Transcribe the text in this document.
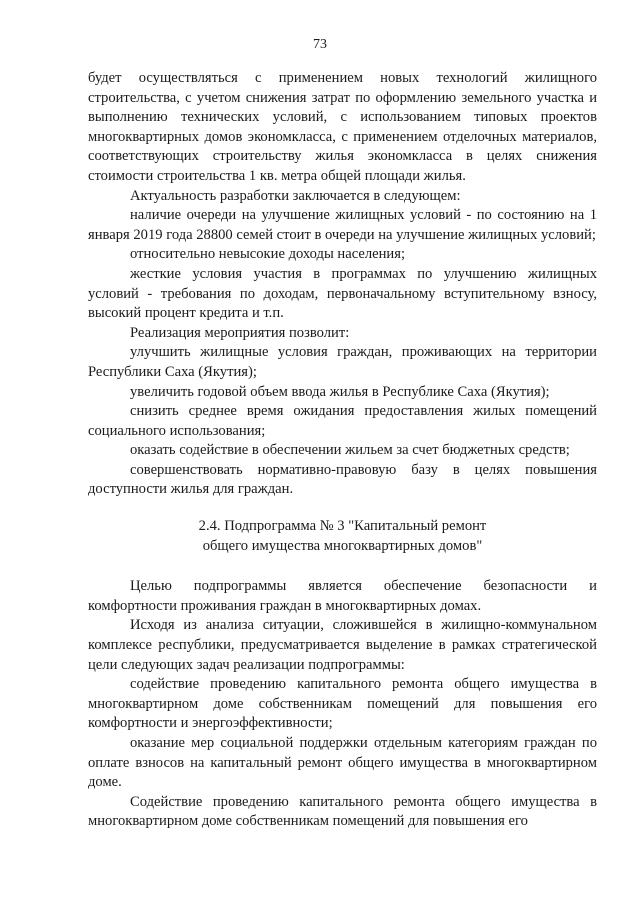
73

будет осуществляться с применением новых технологий жилищного строительства, с учетом снижения затрат по оформлению земельного участка и выполнению технических условий, с использованием типовых проектов многоквартирных домов экономкласса, с применением отделочных материалов, соответствующих строительству жилья экономкласса в целях снижения стоимости строительства 1 кв. метра общей площади жилья.

Актуальность разработки заключается в следующем:

наличие очереди на улучшение жилищных условий - по состоянию на 1 января 2019 года 28800 семей стоит в очереди на улучшение жилищных условий;

относительно невысокие доходы населения;

жесткие условия участия в программах по улучшению жилищных условий - требования по доходам, первоначальному вступительному взносу, высокий процент кредита и т.п.

Реализация мероприятия позволит:

улучшить жилищные условия граждан, проживающих на территории Республики Саха (Якутия);

увеличить годовой объем ввода жилья в Республике Саха (Якутия);

снизить среднее время ожидания предоставления жилых помещений социального использования;

оказать содействие в обеспечении жильем за счет бюджетных средств;

совершенствовать нормативно-правовую базу в целях повышения доступности жилья для граждан.

2.4. Подпрограмма № 3 "Капитальный ремонт
общего имущества многоквартирных домов"

Целью подпрограммы является обеспечение безопасности и комфортности проживания граждан в многоквартирных домах.

Исходя из анализа ситуации, сложившейся в жилищно-коммунальном комплексе республики, предусматривается выделение в рамках стратегической цели следующих задач реализации подпрограммы:

содействие проведению капитального ремонта общего имущества в многоквартирном доме собственникам помещений для повышения его комфортности и энергоэффективности;

оказание мер социальной поддержки отдельным категориям граждан по оплате взносов на капитальный ремонт общего имущества в многоквартирном доме.

Содействие проведению капитального ремонта общего имущества в многоквартирном доме собственникам помещений для повышения его
